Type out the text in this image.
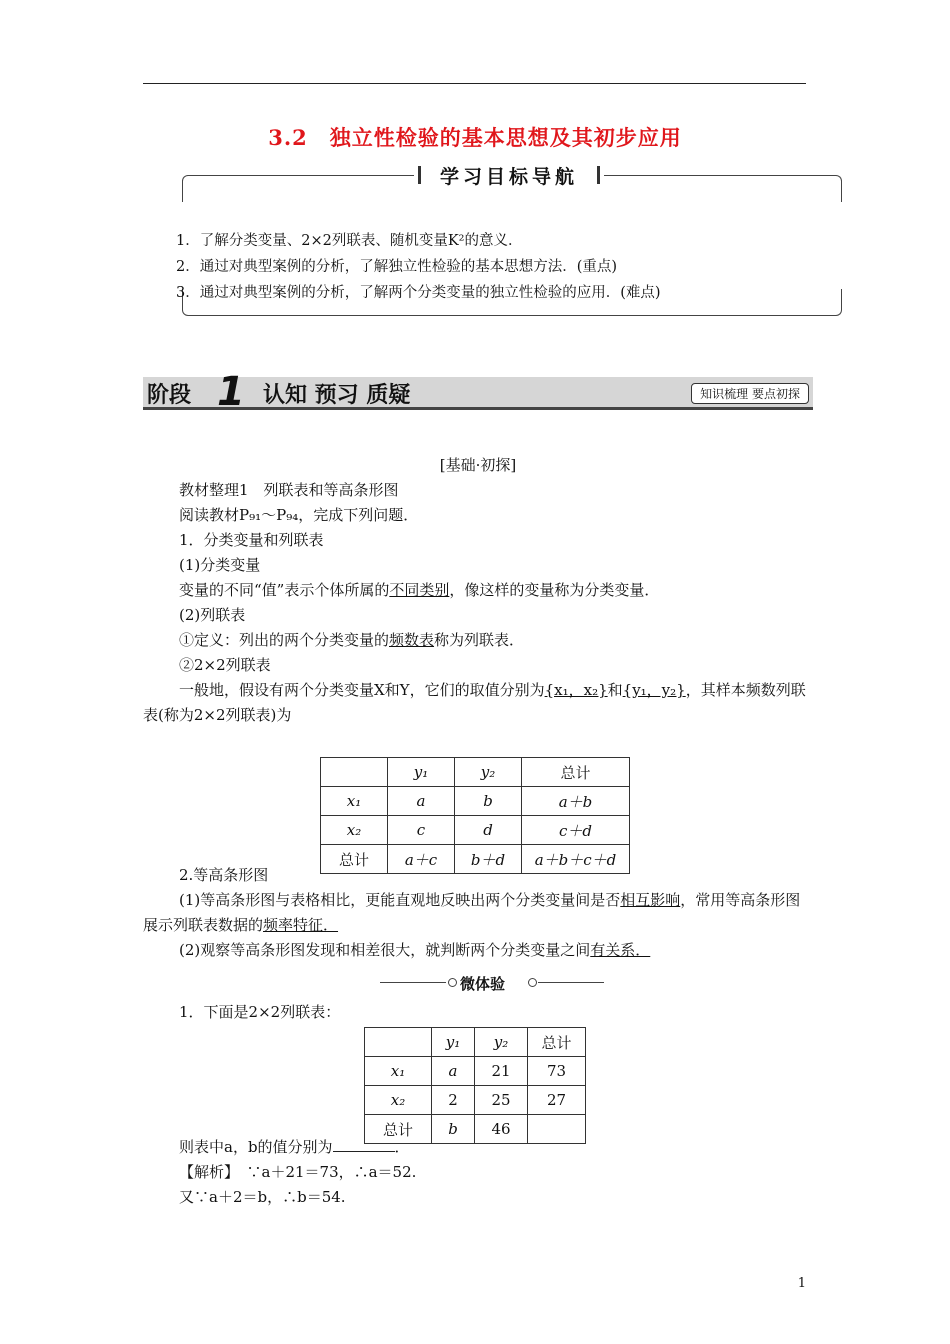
3.2　独立性检验的基本思想及其初步应用
学习目标导航
1．了解分类变量、2×2列联表、随机变量K²的意义．
2．通过对典型案例的分析，了解独立性检验的基本思想方法．(重点)
3．通过对典型案例的分析，了解两个分类变量的独立性检验的应用．(难点)
阶段 1 认知 预习 质疑	知识梳理 要点初探
[基础·初探]
教材整理1　列联表和等高条形图
阅读教材P₉₁～P₉₄，完成下列问题．
1．分类变量和列联表
(1)分类变量
变量的不同“值”表示个体所属的不同类别，像这样的变量称为分类变量．
(2)列联表
①定义：列出的两个分类变量的频数表称为列联表．
②2×2列联表
一般地，假设有两个分类变量X和Y，它们的取值分别为{x₁，x₂}和{y₁，y₂}，其样本频数列联表(称为2×2列联表)为
	y₁	y₂	总计
x₁	a	b	a＋b
x₂	c	d	c＋d
总计	a＋c	b＋d	a＋b＋c＋d
2.等高条形图
(1)等高条形图与表格相比，更能直观地反映出两个分类变量间是否相互影响，常用等高条形图展示列联表数据的频率特征．
(2)观察等高条形图发现和相差很大，就判断两个分类变量之间有关系．
微体验
1．下面是2×2列联表：
	y₁	y₂	总计
x₁	a	21	73
x₂	2	25	27
总计	b	46	
则表中a，b的值分别为	．
【解析】　∵a＋21＝73，∴a＝52.
又∵a＋2＝b，∴b＝54.
1
